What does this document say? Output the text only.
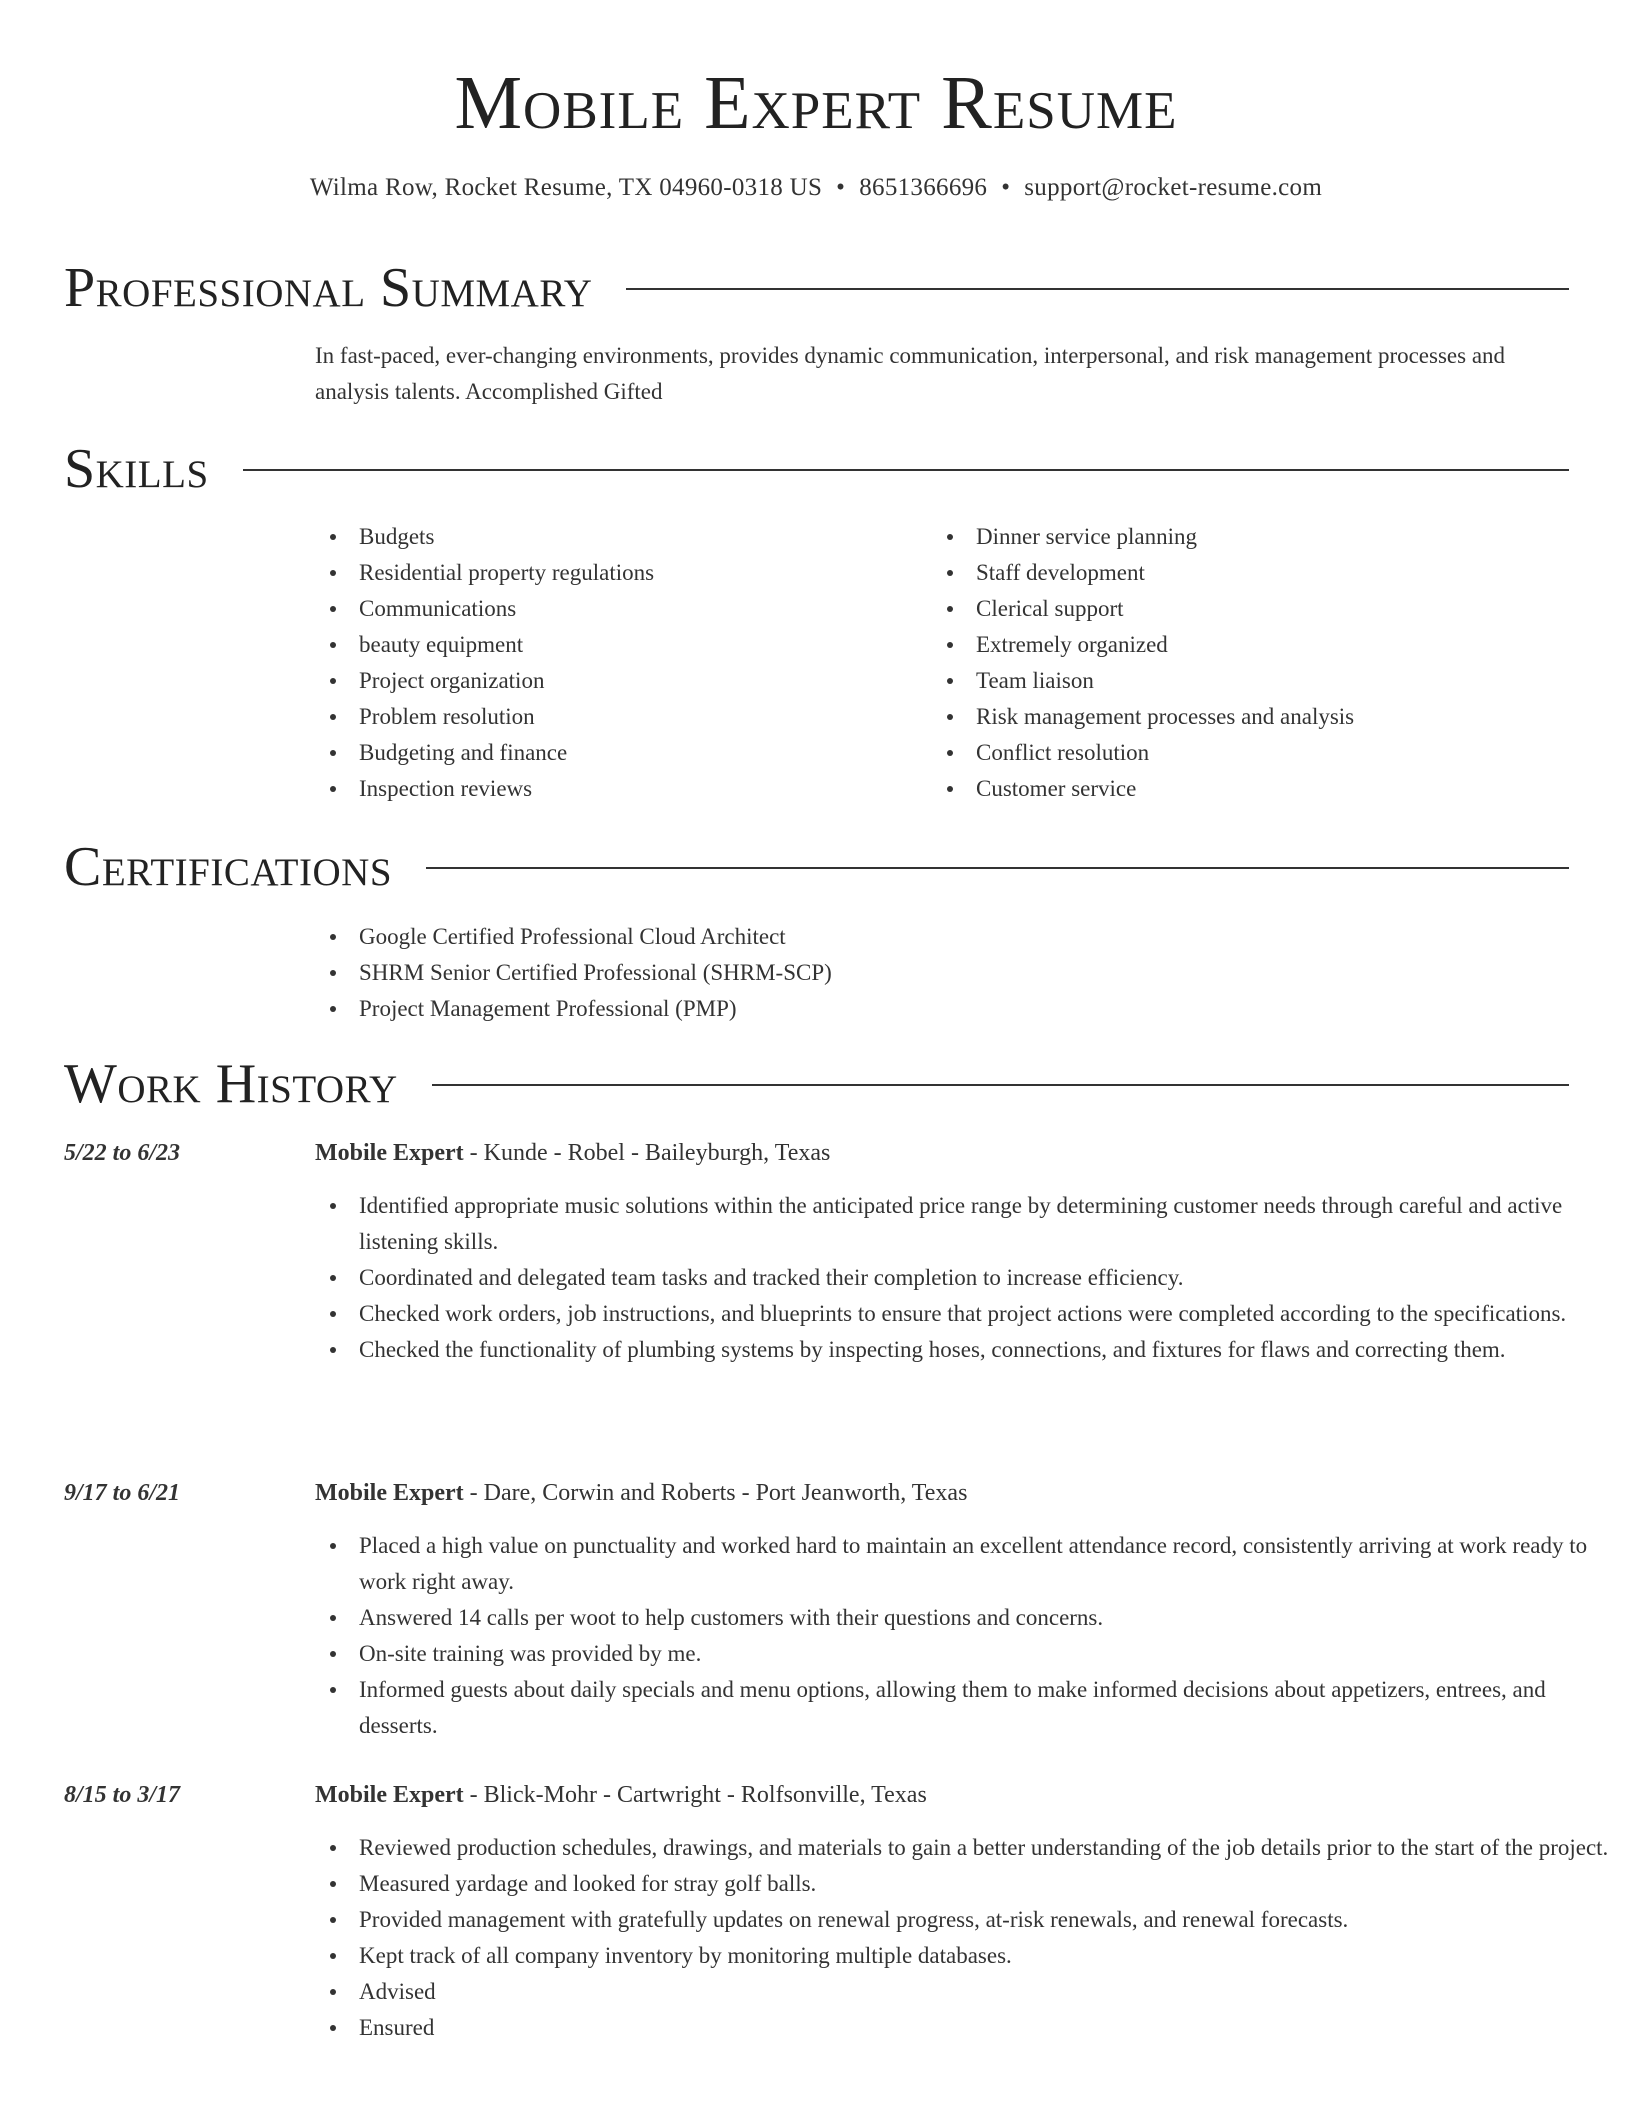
Mobile Expert Resume
Wilma Row, Rocket Resume, TX 04960-0318 US • 8651366696 • support@rocket-resume.com
Professional Summary
In fast-paced, ever-changing environments, provides dynamic communication, interpersonal, and risk management processes and analysis talents. Accomplished Gifted
Skills
Budgets
Residential property regulations
Communications
beauty equipment
Project organization
Problem resolution
Budgeting and finance
Inspection reviews
Dinner service planning
Staff development
Clerical support
Extremely organized
Team liaison
Risk management processes and analysis
Conflict resolution
Customer service
Certifications
Google Certified Professional Cloud Architect
SHRM Senior Certified Professional (SHRM-SCP)
Project Management Professional (PMP)
Work History
5/22 to 6/23	Mobile Expert - Kunde - Robel - Baileyburgh, Texas
Identified appropriate music solutions within the anticipated price range by determining customer needs through careful and active listening skills.
Coordinated and delegated team tasks and tracked their completion to increase efficiency.
Checked work orders, job instructions, and blueprints to ensure that project actions were completed according to the specifications.
Checked the functionality of plumbing systems by inspecting hoses, connections, and fixtures for flaws and correcting them.
9/17 to 6/21	Mobile Expert - Dare, Corwin and Roberts - Port Jeanworth, Texas
Placed a high value on punctuality and worked hard to maintain an excellent attendance record, consistently arriving at work ready to work right away.
Answered 14 calls per woot to help customers with their questions and concerns.
On-site training was provided by me.
Informed guests about daily specials and menu options, allowing them to make informed decisions about appetizers, entrees, and desserts.
8/15 to 3/17	Mobile Expert - Blick-Mohr - Cartwright - Rolfsonville, Texas
Reviewed production schedules, drawings, and materials to gain a better understanding of the job details prior to the start of the project.
Measured yardage and looked for stray golf balls.
Provided management with gratefully updates on renewal progress, at-risk renewals, and renewal forecasts.
Kept track of all company inventory by monitoring multiple databases.
Advised
Ensured
